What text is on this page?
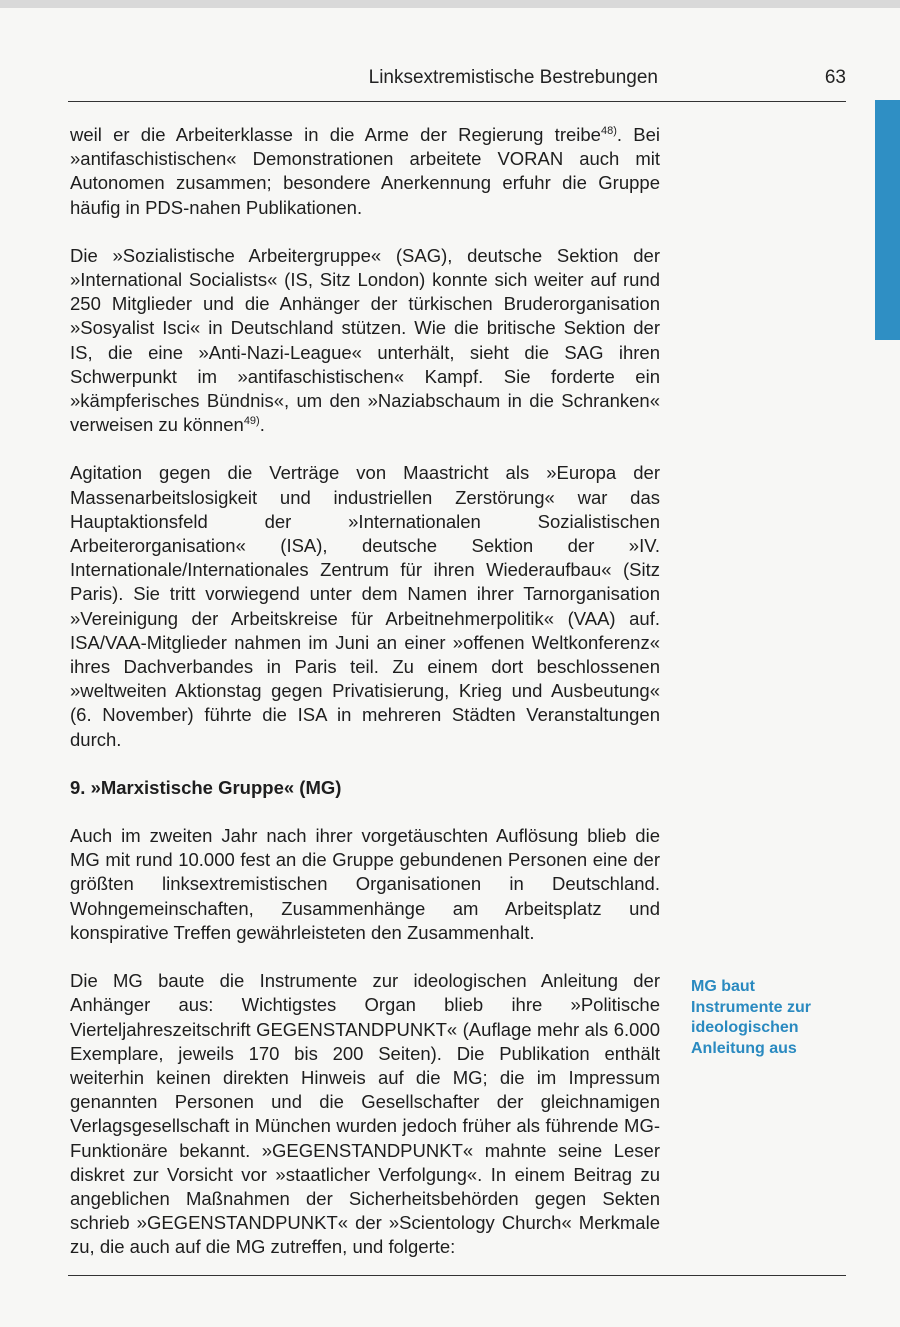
Linksextremistische Bestrebungen	63

weil er die Arbeiterklasse in die Arme der Regierung treibe$^{48)}$. Bei »antifaschistischen« Demonstrationen arbeitete VORAN auch mit Autonomen zusammen; besondere Anerkennung erfuhr die Gruppe häufig in PDS-nahen Publikationen.

Die »Sozialistische Arbeitergruppe« (SAG), deutsche Sektion der »International Socialists« (IS, Sitz London) konnte sich weiter auf rund 250 Mitglieder und die Anhänger der türkischen Bruderorganisation »Sosyalist Isci« in Deutschland stützen. Wie die britische Sektion der IS, die eine »Anti-Nazi-League« unterhält, sieht die SAG ihren Schwerpunkt im »antifaschistischen« Kampf. Sie forderte ein »kämpferisches Bündnis«, um den »Naziabschaum in die Schranken« verweisen zu können$^{49)}$.

Agitation gegen die Verträge von Maastricht als »Europa der Massenarbeitslosigkeit und industriellen Zerstörung« war das Hauptaktionsfeld der »Internationalen Sozialistischen Arbeiterorganisation« (ISA), deutsche Sektion der »IV. Internationale/Internationales Zentrum für ihren Wiederaufbau« (Sitz Paris). Sie tritt vorwiegend unter dem Namen ihrer Tarnorganisation »Vereinigung der Arbeitskreise für Arbeitnehmerpolitik« (VAA) auf. ISA/VAA-Mitglieder nahmen im Juni an einer »offenen Weltkonferenz« ihres Dachverbandes in Paris teil. Zu einem dort beschlossenen »weltweiten Aktionstag gegen Privatisierung, Krieg und Ausbeutung« (6. November) führte die ISA in mehreren Städten Veranstaltungen durch.

9. »Marxistische Gruppe« (MG)

Auch im zweiten Jahr nach ihrer vorgetäuschten Auflösung blieb die MG mit rund 10.000 fest an die Gruppe gebundenen Personen eine der größten linksextremistischen Organisationen in Deutschland. Wohngemeinschaften, Zusammenhänge am Arbeitsplatz und konspirative Treffen gewährleisteten den Zusammenhalt.

Die MG baute die Instrumente zur ideologischen Anleitung der Anhänger aus: Wichtigstes Organ blieb ihre »Politische Vierteljahreszeitschrift GEGENSTANDPUNKT« (Auflage mehr als 6.000 Exemplare, jeweils 170 bis 200 Seiten). Die Publikation enthält weiterhin keinen direkten Hinweis auf die MG; die im Impressum genannten Personen und die Gesellschafter der gleichnamigen Verlagsgesellschaft in München wurden jedoch früher als führende MG-Funktionäre bekannt. »GEGENSTANDPUNKT« mahnte seine Leser diskret zur Vorsicht vor »staatlicher Verfolgung«. In einem Beitrag zu angeblichen Maßnahmen der Sicherheitsbehörden gegen Sekten schrieb »GEGENSTANDPUNKT« der »Scientology Church« Merkmale zu, die auch auf die MG zutreffen, und folgerte:

MG baut Instrumente zur ideologischen Anleitung aus
